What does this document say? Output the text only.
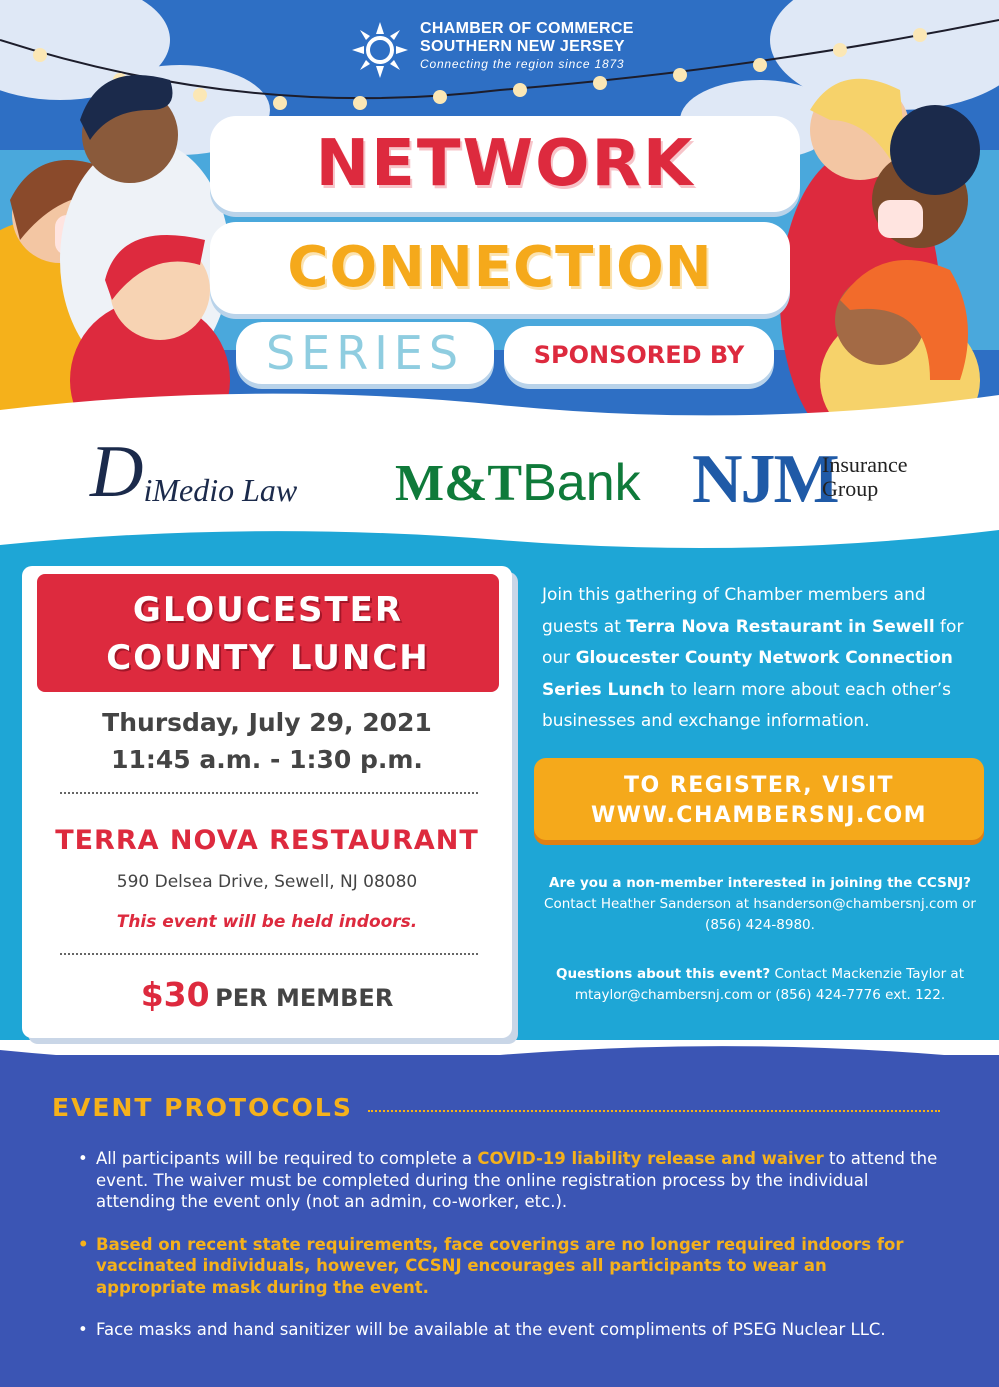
CHAMBER OF COMMERCE
SOUTHERN NEW JERSEY
Connecting the region since 1873
NETWORK
CONNECTION
SERIES	SPONSORED BY
DiMedio Law M&TBank NJM
Insurance Group
GLOUCESTER
COUNTY LUNCH
Thursday, July 29, 2021
11:45 a.m. - 1:30 p.m.
TERRA NOVA RESTAURANT
590 Delsea Drive, Sewell, NJ 08080
This event will be held indoors.
$30 PER MEMBER
Join this gathering of Chamber members and guests at Terra Nova Restaurant in Sewell for our Gloucester County Network Connection Series Lunch to learn more about each other’s businesses and exchange information.
TO REGISTER, VISIT
WWW.CHAMBERSNJ.COM
Are you a non-member interested in joining the CCSNJ? Contact Heather Sanderson at hsanderson@chambersnj.com or (856) 424-8980.
Questions about this event? Contact Mackenzie Taylor at mtaylor@chambersnj.com or (856) 424-7776 ext. 122.
EVENT PROTOCOLS
• All participants will be required to complete a COVID-19 liability release and waiver to attend the event. The waiver must be completed during the online registration process by the individual attending the event only (not an admin, co-worker, etc.).
• Based on recent state requirements, face coverings are no longer required indoors for vaccinated individuals, however, CCSNJ encourages all participants to wear an appropriate mask during the event.
• Face masks and hand sanitizer will be available at the event compliments of PSEG Nuclear LLC.
